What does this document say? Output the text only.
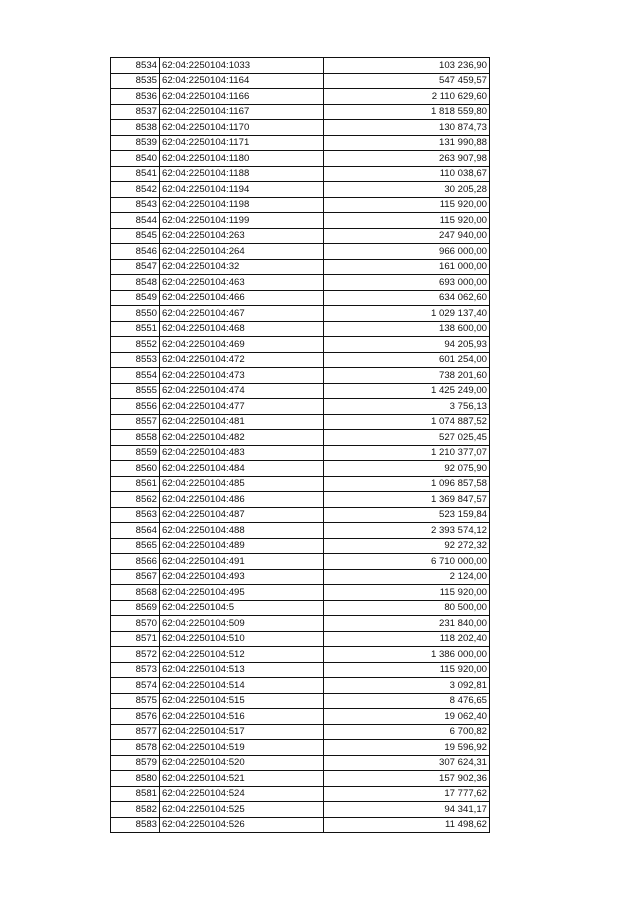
8534	62:04:2250104:1033	103 236,90
8535	62:04:2250104:1164	547 459,57
8536	62:04:2250104:1166	2 110 629,60
8537	62:04:2250104:1167	1 818 559,80
8538	62:04:2250104:1170	130 874,73
8539	62:04:2250104:1171	131 990,88
8540	62:04:2250104:1180	263 907,98
8541	62:04:2250104:1188	110 038,67
8542	62:04:2250104:1194	30 205,28
8543	62:04:2250104:1198	115 920,00
8544	62:04:2250104:1199	115 920,00
8545	62:04:2250104:263	247 940,00
8546	62:04:2250104:264	966 000,00
8547	62:04:2250104:32	161 000,00
8548	62:04:2250104:463	693 000,00
8549	62:04:2250104:466	634 062,60
8550	62:04:2250104:467	1 029 137,40
8551	62:04:2250104:468	138 600,00
8552	62:04:2250104:469	94 205,93
8553	62:04:2250104:472	601 254,00
8554	62:04:2250104:473	738 201,60
8555	62:04:2250104:474	1 425 249,00
8556	62:04:2250104:477	3 756,13
8557	62:04:2250104:481	1 074 887,52
8558	62:04:2250104:482	527 025,45
8559	62:04:2250104:483	1 210 377,07
8560	62:04:2250104:484	92 075,90
8561	62:04:2250104:485	1 096 857,58
8562	62:04:2250104:486	1 369 847,57
8563	62:04:2250104:487	523 159,84
8564	62:04:2250104:488	2 393 574,12
8565	62:04:2250104:489	92 272,32
8566	62:04:2250104:491	6 710 000,00
8567	62:04:2250104:493	2 124,00
8568	62:04:2250104:495	115 920,00
8569	62:04:2250104:5	80 500,00
8570	62:04:2250104:509	231 840,00
8571	62:04:2250104:510	118 202,40
8572	62:04:2250104:512	1 386 000,00
8573	62:04:2250104:513	115 920,00
8574	62:04:2250104:514	3 092,81
8575	62:04:2250104:515	8 476,65
8576	62:04:2250104:516	19 062,40
8577	62:04:2250104:517	6 700,82
8578	62:04:2250104:519	19 596,92
8579	62:04:2250104:520	307 624,31
8580	62:04:2250104:521	157 902,36
8581	62:04:2250104:524	17 777,62
8582	62:04:2250104:525	94 341,17
8583	62:04:2250104:526	11 498,62
